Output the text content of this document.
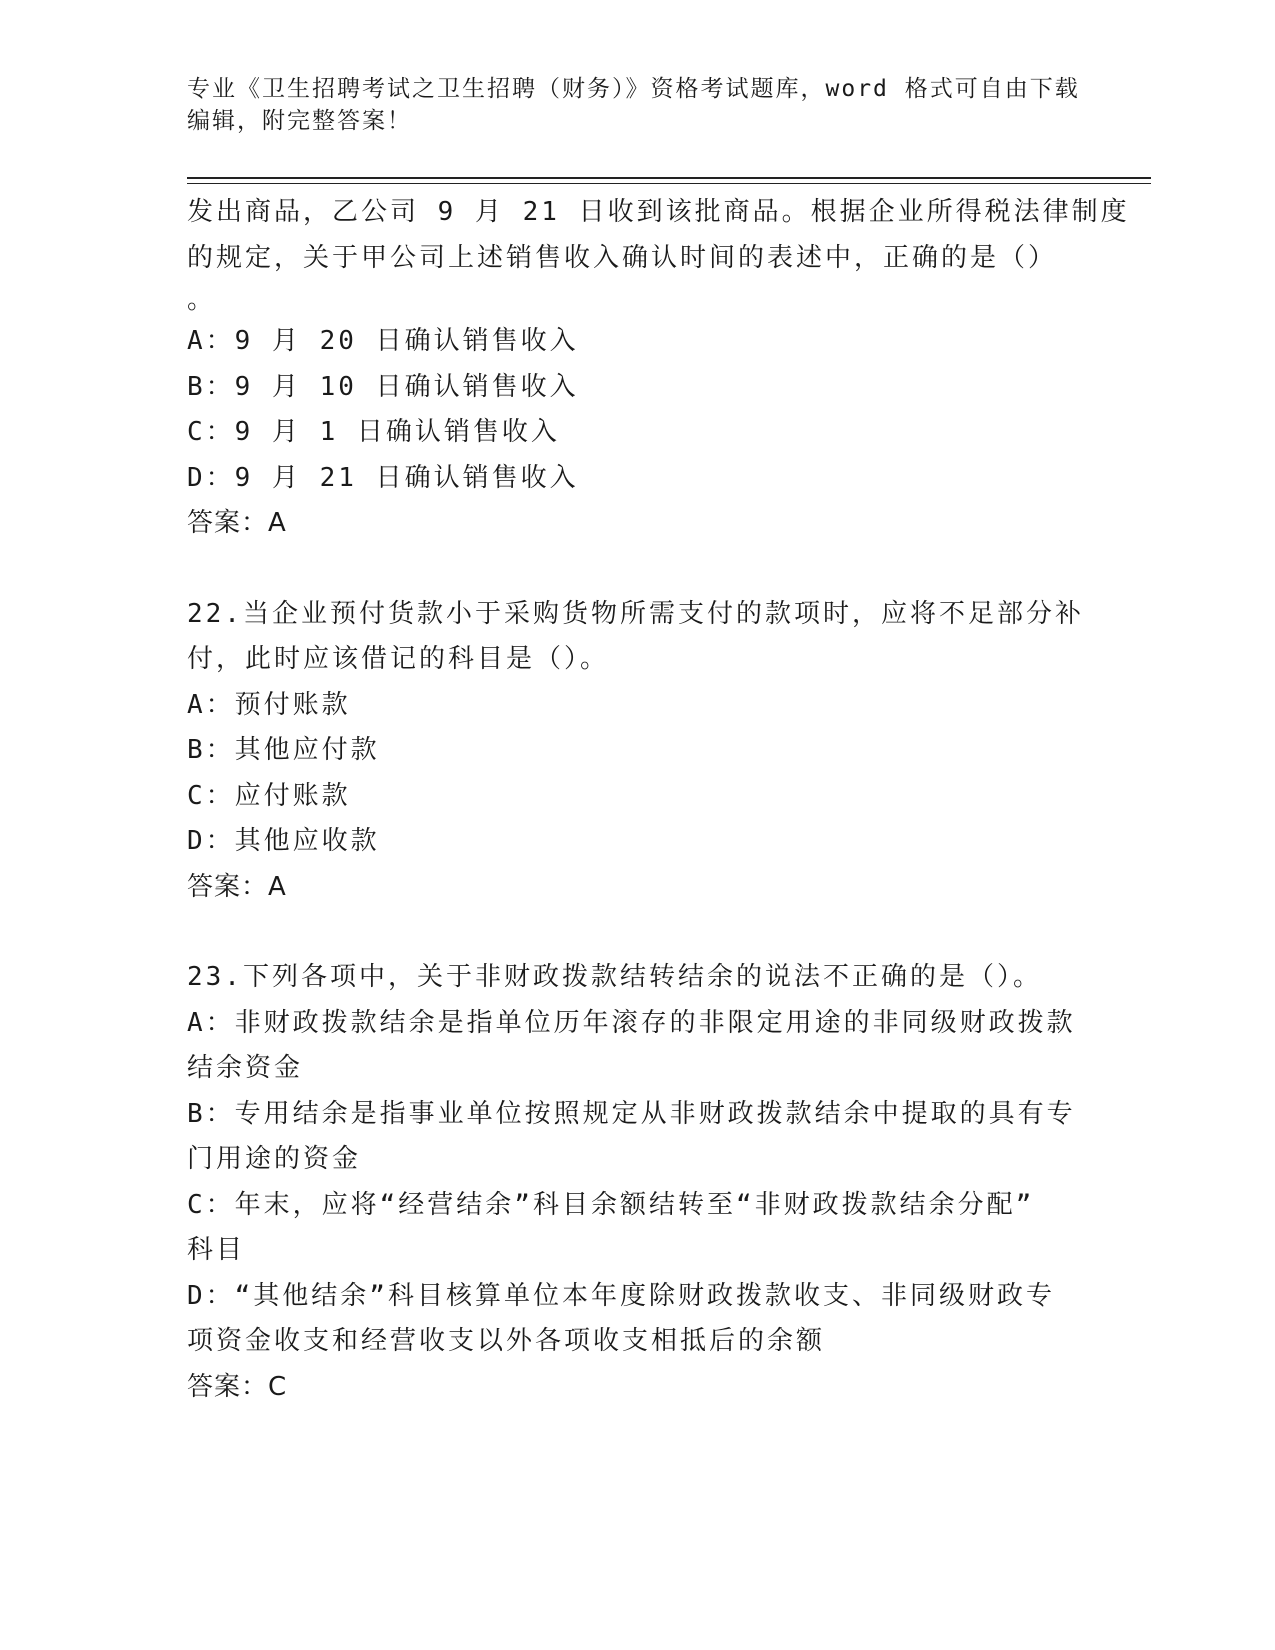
专业《卫生招聘考试之卫生招聘（财务）》资格考试题库，word 格式可自由下载
编辑，附完整答案！
发出商品，乙公司 9 月 21 日收到该批商品。根据企业所得税法律制度
的规定，关于甲公司上述销售收入确认时间的表述中，正确的是（）
。
A：9 月 20 日确认销售收入
B：9 月 10 日确认销售收入
C：9 月 1 日确认销售收入
D：9 月 21 日确认销售收入
答案：A
22.当企业预付货款小于采购货物所需支付的款项时，应将不足部分补
付，此时应该借记的科目是（）。
A：预付账款
B：其他应付款
C：应付账款
D：其他应收款
答案：A
23.下列各项中，关于非财政拨款结转结余的说法不正确的是（）。
A：非财政拨款结余是指单位历年滚存的非限定用途的非同级财政拨款
结余资金
B：专用结余是指事业单位按照规定从非财政拨款结余中提取的具有专
门用途的资金
C：年末，应将“经营结余”科目余额结转至“非财政拨款结余分配”
科目
D：“其他结余”科目核算单位本年度除财政拨款收支、非同级财政专
项资金收支和经营收支以外各项收支相抵后的余额
答案：C
